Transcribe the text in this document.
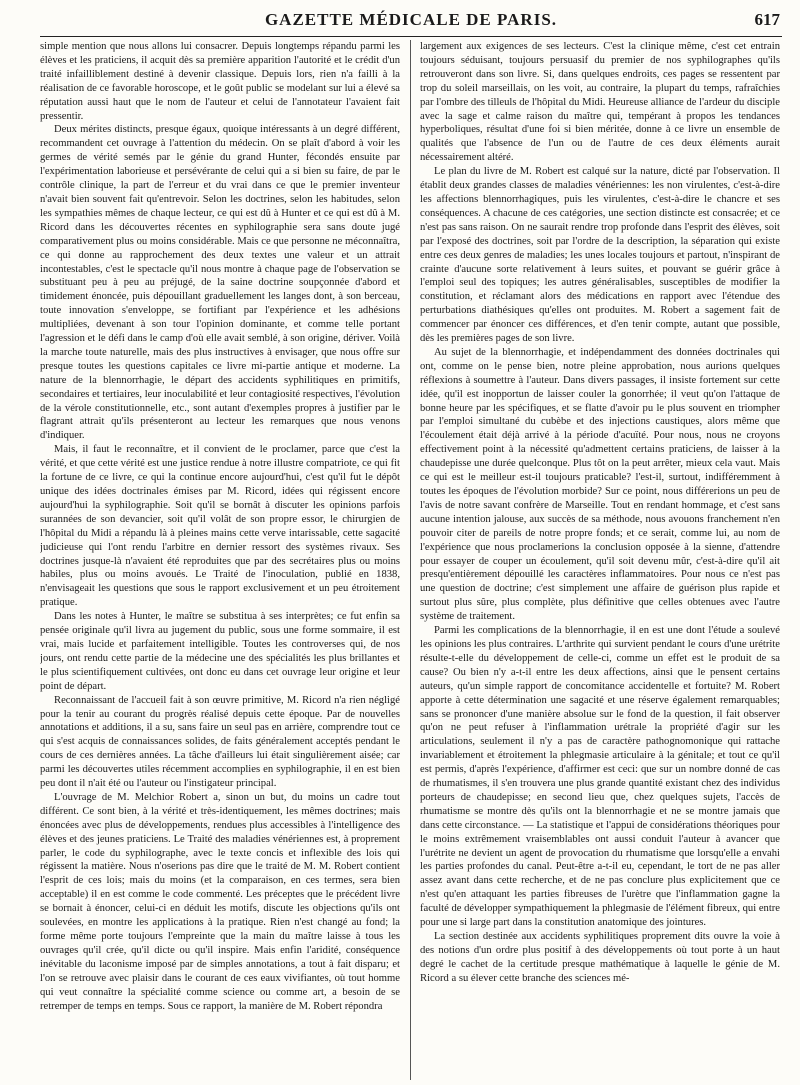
GAZETTE MÉDICALE DE PARIS.	617

simple mention que nous allons lui consacrer. Depuis longtemps répandu parmi les élèves et les praticiens, il acquit dès sa première apparition l'autorité et le crédit d'un traité infailliblement destiné à devenir classique. Depuis lors, rien n'a failli à la réalisation de ce favorable horoscope, et le goût public se modelant sur lui a élevé sa réputation aussi haut que le nom de l'auteur et celui de l'annotateur l'avaient fait pressentir.

Deux mérites distincts, presque égaux, quoique intéressants à un degré différent, recommandent cet ouvrage à l'attention du médecin. On se plaît d'abord à voir les germes de vérité semés par le génie du grand Hunter, fécondés ensuite par l'expérimentation laborieuse et persévérante de celui qui a si bien su faire, de par le contrôle clinique, la part de l'erreur et du vrai dans ce que le premier inventeur n'avait bien souvent fait qu'entrevoir. Selon les doctrines, selon les habitudes, selon les sympathies mêmes de chaque lecteur, ce qui est dû à Hunter et ce qui est dû à M. Ricord dans les découvertes récentes en syphilographie sera sans doute jugé comparativement plus ou moins considérable. Mais ce que personne ne méconnaîtra, ce qui donne au rapprochement des deux textes une valeur et un attrait incontestables, c'est le spectacle qu'il nous montre à chaque page de l'observation se substituant peu à peu au préjugé, de la saine doctrine soupçonnée d'abord et timidement énoncée, puis dépouillant graduellement les langes dont, à son berceau, toute innovation s'enveloppe, se fortifiant par l'expérience et les adhésions multipliées, devenant à son tour l'opinion dominante, et comme telle portant l'agression et le défi dans le camp d'où elle avait semblé, à son origine, dériver. Voilà la marche toute naturelle, mais des plus instructives à envisager, que nous offre sur presque toutes les questions capitales ce livre mi-partie antique et moderne. La nature de la blennorrhagie, le départ des accidents syphilitiques en primitifs, secondaires et tertiaires, leur inoculabilité et leur contagiosité respectives, l'évolution de la vérole constitutionnelle, etc., sont autant d'exemples propres à justifier par le flagrant attrait qu'ils présenteront au lecteur les remarques que nous venons d'indiquer.

Mais, il faut le reconnaître, et il convient de le proclamer, parce que c'est la vérité, et que cette vérité est une justice rendue à notre illustre compatriote, ce qui fit la fortune de ce livre, ce qui la continue encore aujourd'hui, c'est qu'il fut le dépôt unique des idées doctrinales émises par M. Ricord, idées qui régissent encore aujourd'hui la syphilographie. Soit qu'il se bornât à discuter les opinions parfois surannées de son devancier, soit qu'il volât de son propre essor, le chirurgien de l'hôpital du Midi a répandu là à pleines mains cette verve intarissable, cette sagacité judicieuse qui l'ont rendu l'arbitre en dernier ressort des systèmes rivaux. Ses doctrines jusque-là n'avaient été reproduites que par des secrétaires plus ou moins habiles, plus ou moins avoués. Le Traité de l'inoculation, publié en 1838, n'envisageait les questions que sous le rapport exclusivement et un peu étroitement pratique.

Dans les notes à Hunter, le maître se substitua à ses interprètes; ce fut enfin sa pensée originale qu'il livra au jugement du public, sous une forme sommaire, il est vrai, mais lucide et parfaitement intelligible. Toutes les controverses qui, de nos jours, ont rendu cette partie de la médecine une des spécialités les plus brillantes et le plus scientifiquement cultivées, ont donc eu dans cet ouvrage leur origine et leur point de départ.

Reconnaissant de l'accueil fait à son œuvre primitive, M. Ricord n'a rien négligé pour la tenir au courant du progrès réalisé depuis cette époque. Par de nouvelles annotations et additions, il a su, sans faire un seul pas en arrière, comprendre tout ce qui s'est acquis de connaissances solides, de faits généralement acceptés pendant le cours de ces dernières années. La tâche d'ailleurs lui était singulièrement aisée; car parmi les découvertes utiles récemment accomplies en syphilographie, il en est bien peu dont il n'ait été ou l'auteur ou l'instigateur principal.

L'ouvrage de M. Melchior Robert a, sinon un but, du moins un cadre tout différent. Ce sont bien, à la vérité et très-identiquement, les mêmes doctrines; mais énoncées avec plus de développements, rendues plus accessibles à l'intelligence des élèves et des jeunes praticiens. Le Traité des maladies vénériennes est, à proprement parler, le code du syphilographe, avec le texte concis et inflexible des lois qui régissent la matière. Nous n'oserions pas dire que le traité de M. M. Robert contient l'esprit de ces lois; mais du moins (et la comparaison, en ces termes, sera bien acceptable) il en est comme le code commenté. Les préceptes que le précédent livre se bornait à énoncer, celui-ci en déduit les motifs, discute les objections qu'ils ont soulevées, en montre les applications à la pratique. Rien n'est changé au fond; la forme même porte toujours l'empreinte que la main du maître laisse à tous les ouvrages qu'il crée, qu'il dicte ou qu'il inspire. Mais enfin l'aridité, conséquence inévitable du laconisme imposé par de simples annotations, a tout à fait disparu; et l'on se retrouve avec plaisir dans le courant de ces eaux vivifiantes, où tout homme qui veut connaître la spécialité comme science ou comme art, a besoin de se retremper de temps en temps. Sous ce rapport, la manière de M. Robert répondra

largement aux exigences de ses lecteurs. C'est la clinique même, c'est cet entrain toujours séduisant, toujours persuasif du premier de nos syphilographes qu'ils retrouveront dans son livre. Si, dans quelques endroits, ces pages se ressentent par trop du soleil marseillais, on les voit, au contraire, la plupart du temps, rafraîchies par l'ombre des tilleuls de l'hôpital du Midi. Heureuse alliance de l'ardeur du disciple avec la sage et calme raison du maître qui, tempérant à propos les tendances hyperboliques, résultat d'une foi si bien méritée, donne à ce livre un ensemble de qualités que l'absence de l'un ou de l'autre de ces deux éléments aurait nécessairement altéré.

Le plan du livre de M. Robert est calqué sur la nature, dicté par l'observation. Il établit deux grandes classes de maladies vénériennes: les non virulentes, c'est-à-dire les affections blennorrhagiques, puis les virulentes, c'est-à-dire le chancre et ses conséquences. A chacune de ces catégories, une section distincte est consacrée; et ce n'est pas sans raison. On ne saurait rendre trop profonde dans l'esprit des élèves, soit par l'exposé des doctrines, soit par l'ordre de la description, la séparation qui existe entre ces deux genres de maladies; les unes locales toujours et partout, n'inspirant de crainte d'aucune sorte relativement à leurs suites, et pouvant se guérir grâce à l'emploi seul des topiques; les autres généralisables, susceptibles de modifier la constitution, et réclamant alors des médications en rapport avec l'étendue des perturbations diathésiques qu'elles ont produites. M. Robert a sagement fait de commencer par énoncer ces différences, et d'en tenir compte, autant que possible, dès les premières pages de son livre.

Au sujet de la blennorrhagie, et indépendamment des données doctrinales qui ont, comme on le pense bien, notre pleine approbation, nous aurions quelques réflexions à soumettre à l'auteur. Dans divers passages, il insiste fortement sur cette idée, qu'il est inopportun de laisser couler la gonorrhée; il veut qu'on l'attaque de bonne heure par les spécifiques, et se flatte d'avoir pu le plus souvent en triompher par l'emploi simultané du cubèbe et des injections caustiques, alors même que l'écoulement était déjà arrivé à la période d'acuïté. Pour nous, nous ne croyons effectivement point à la nécessité qu'admettent certains praticiens, de laisser à la chaudepisse une durée quelconque. Plus tôt on la peut arrêter, mieux cela vaut. Mais ce qui est le meilleur est-il toujours praticable? l'est-il, surtout, indifféremment à toutes les époques de l'évolution morbide? Sur ce point, nous différerions un peu de l'avis de notre savant confrère de Marseille. Tout en rendant hommage, et c'est sans aucune intention jalouse, aux succès de sa méthode, nous avouons franchement n'en pouvoir citer de pareils de notre propre fonds; et ce serait, comme lui, au nom de l'expérience que nous proclamerions la conclusion opposée à la sienne, d'attendre pour essayer de couper un écoulement, qu'il soit devenu mûr, c'est-à-dire qu'il ait presqu'entièrement dépouillé les caractères inflammatoires. Pour nous ce n'est pas une question de doctrine; c'est simplement une affaire de guérison plus rapide et surtout plus sûre, plus complète, plus définitive que celles obtenues avec l'autre système de traitement.

Parmi les complications de la blennorrhagie, il en est une dont l'étude a soulevé les opinions les plus contraires. L'arthrite qui survient pendant le cours d'une urétrite résulte-t-elle du développement de celle-ci, comme un effet est le produit de sa cause? Ou bien n'y a-t-il entre les deux affections, ainsi que le pensent certains auteurs, qu'un simple rapport de concomitance accidentelle et fortuite? M. Robert apporte à cette détermination une sagacité et une réserve également remarquables; sans se prononcer d'une manière absolue sur le fond de la question, il fait observer qu'on ne peut refuser à l'inflammation urétrale la propriété d'agir sur les articulations, seulement il n'y a pas de caractère pathognomonique qui rattache invariablement et étroitement la phlegmasie articulaire à la génitale; et tout ce qu'il est permis, d'après l'expérience, d'affirmer est ceci: que sur un nombre donné de cas de rhumatismes, il s'en trouvera une plus grande quantité existant chez des individus porteurs de chaudepisse; en second lieu que, chez quelques sujets, l'accès de rhumatisme se montre dès qu'ils ont la blennorrhagie et ne se montre jamais que dans cette circonstance. — La statistique et l'appui de considérations théoriques pour le moins extrêmement vraisemblables ont aussi conduit l'auteur à avancer que l'urétrite ne devient un agent de provocation du rhumatisme que lorsqu'elle a envahi les parties profondes du canal. Peut-être a-t-il eu, cependant, le tort de ne pas aller assez avant dans cette recherche, et de ne pas conclure plus explicitement que ce n'est qu'en attaquant les parties fibreuses de l'urètre que l'inflammation gagne la faculté de développer sympathiquement la phlegmasie de l'élément fibreux, qui entre pour une si large part dans la constitution anatomique des jointures.

La section destinée aux accidents syphilitiques proprement dits ouvre la voie à des notions d'un ordre plus positif à des développements où tout porte à un haut degré le cachet de la certitude presque mathématique à laquelle le génie de M. Ricord a su élever cette branche des sciences mé-
